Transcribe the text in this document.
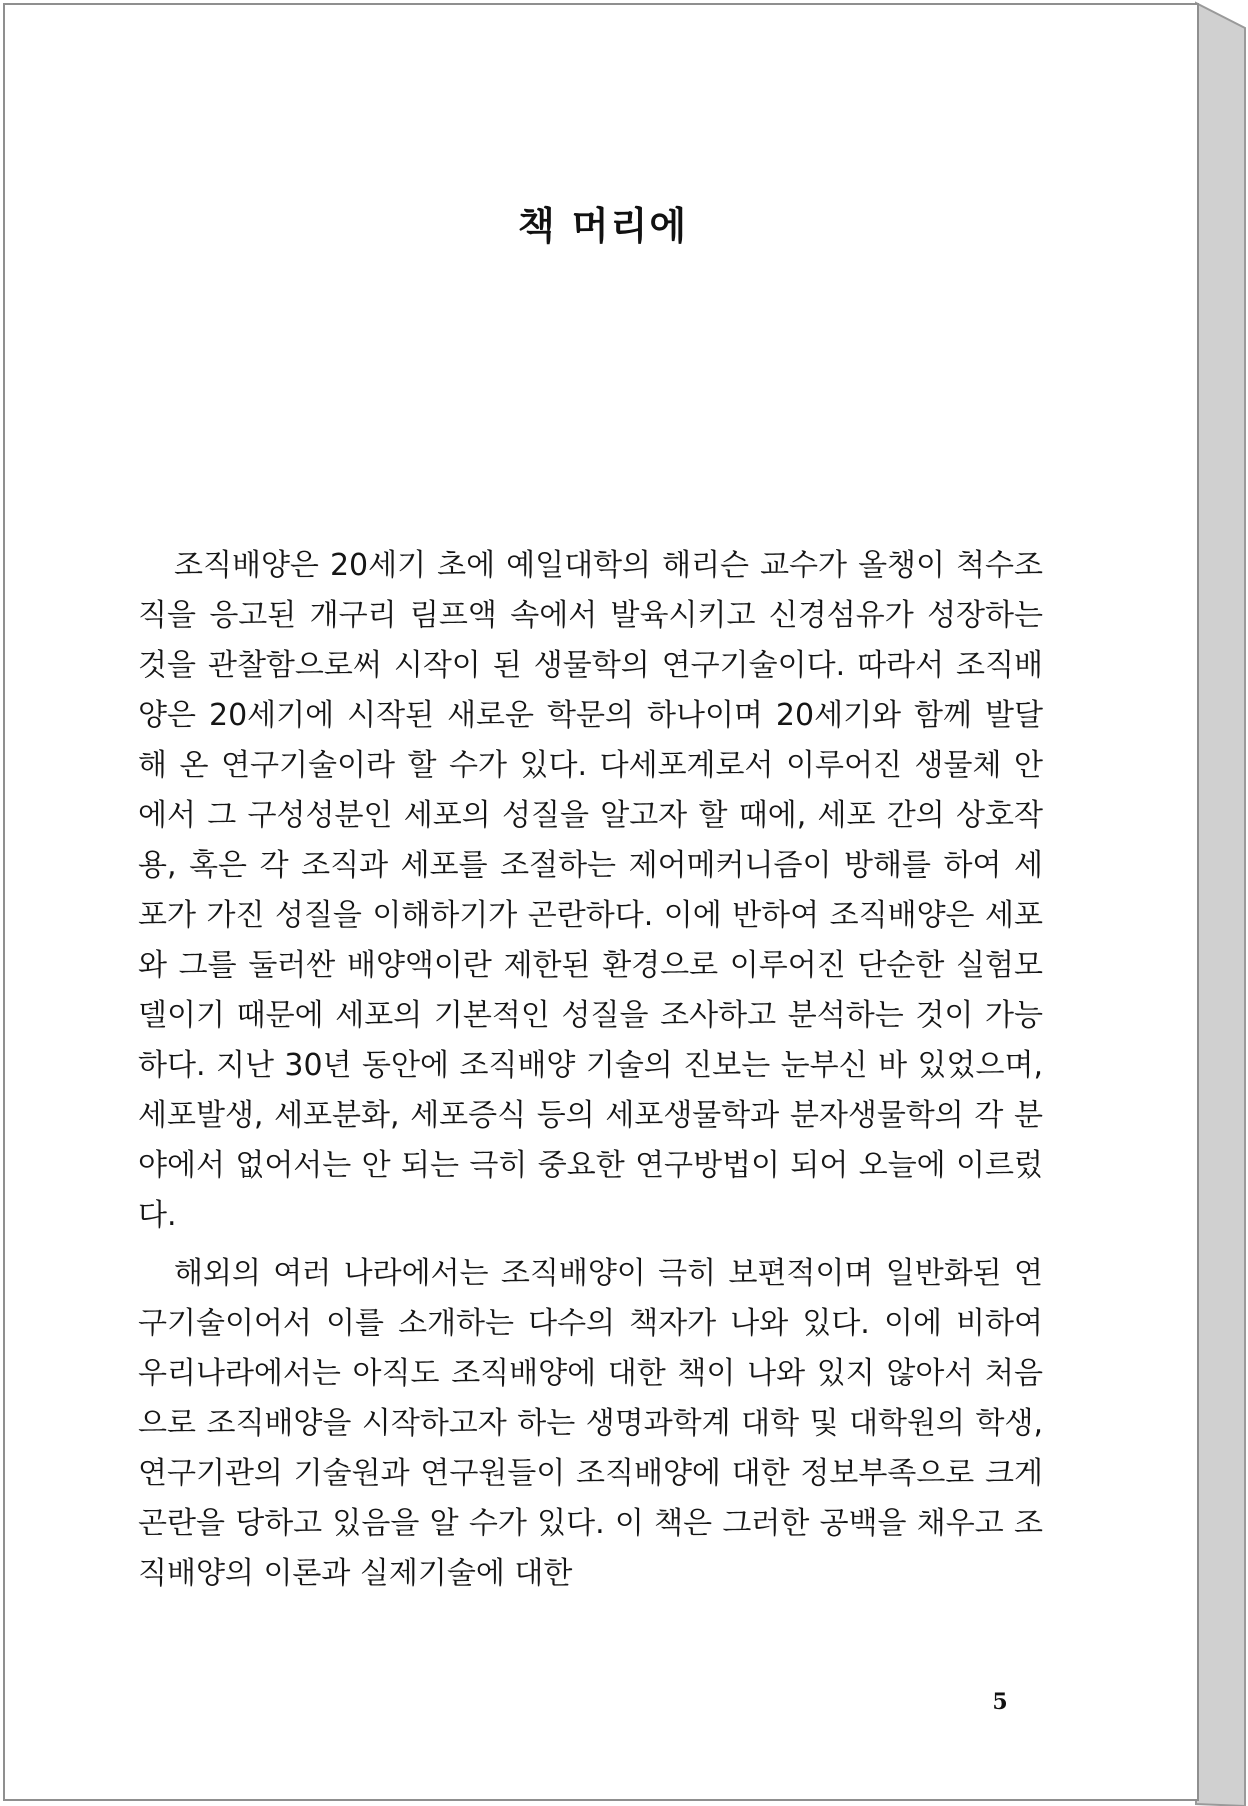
책 머리에

조직배양은 20세기 초에 예일대학의 해리슨 교수가 올챙이 척수조직을 응고된 개구리 림프액 속에서 발육시키고 신경섬유가 성장하는 것을 관찰함으로써 시작이 된 생물학의 연구기술이다. 따라서 조직배양은 20세기에 시작된 새로운 학문의 하나이며 20세기와 함께 발달해 온 연구기술이라 할 수가 있다. 다세포계로서 이루어진 생물체 안에서 그 구성성분인 세포의 성질을 알고자 할 때에, 세포 간의 상호작용, 혹은 각 조직과 세포를 조절하는 제어메커니즘이 방해를 하여 세포가 가진 성질을 이해하기가 곤란하다. 이에 반하여 조직배양은 세포와 그를 둘러싼 배양액이란 제한된 환경으로 이루어진 단순한 실험모델이기 때문에 세포의 기본적인 성질을 조사하고 분석하는 것이 가능하다. 지난 30년 동안에 조직배양 기술의 진보는 눈부신 바 있었으며, 세포발생, 세포분화, 세포증식 등의 세포생물학과 분자생물학의 각 분야에서 없어서는 안 되는 극히 중요한 연구방법이 되어 오늘에 이르렀다.

해외의 여러 나라에서는 조직배양이 극히 보편적이며 일반화된 연구기술이어서 이를 소개하는 다수의 책자가 나와 있다. 이에 비하여 우리나라에서는 아직도 조직배양에 대한 책이 나와 있지 않아서 처음으로 조직배양을 시작하고자 하는 생명과학계 대학 및 대학원의 학생, 연구기관의 기술원과 연구원들이 조직배양에 대한 정보부족으로 크게 곤란을 당하고 있음을 알 수가 있다. 이 책은 그러한 공백을 채우고 조직배양의 이론과 실제기술에 대한

5
